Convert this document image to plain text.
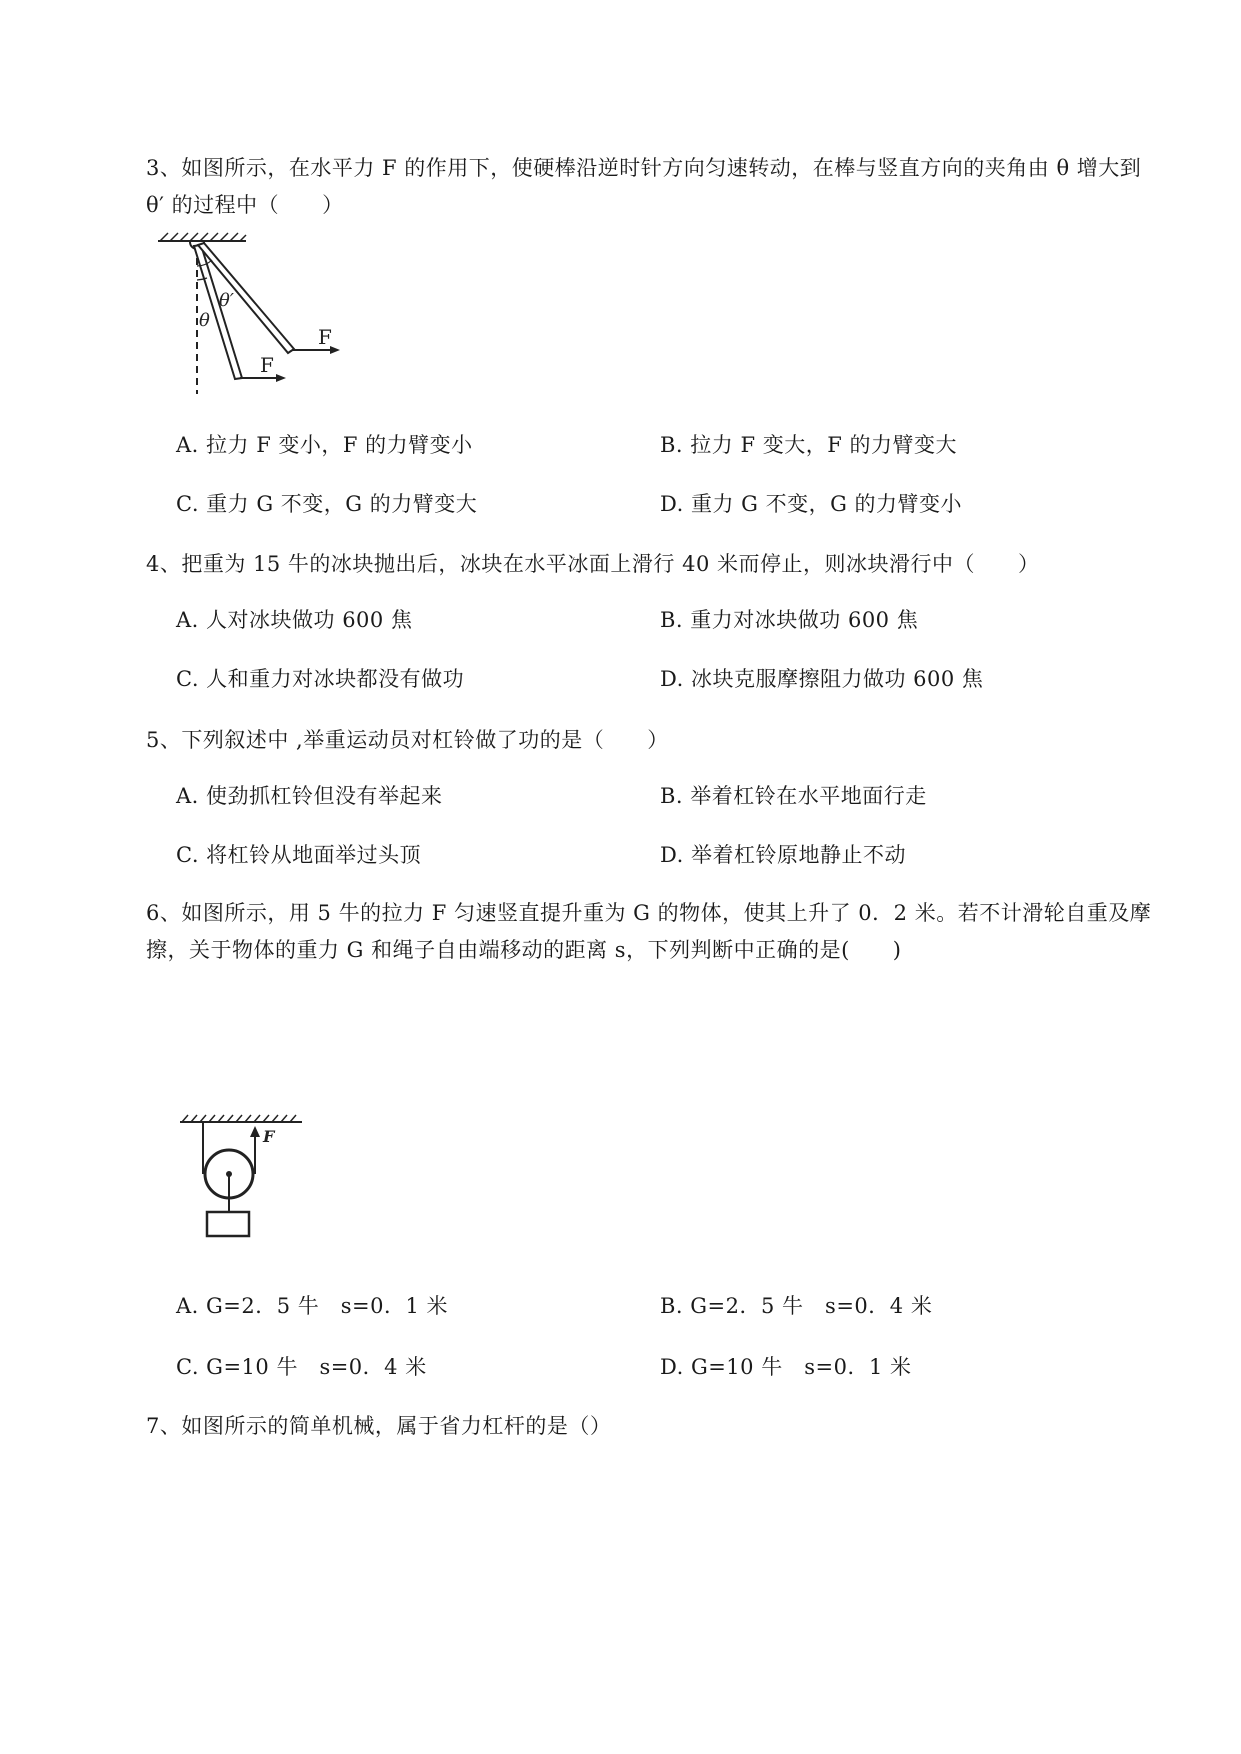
3、如图所示，在水平力 F 的作用下，使硬棒沿逆时针方向匀速转动，在棒与竖直方向的夹角由 θ 增大到 θ′ 的过程中（　　）
θ
θ′
F
F
A. 拉力 F 变小，F 的力臂变小	B. 拉力 F 变大，F 的力臂变大
C. 重力 G 不变，G 的力臂变大	D. 重力 G 不变，G 的力臂变小
4、把重为 15 牛的冰块抛出后，冰块在水平冰面上滑行 40 米而停止，则冰块滑行中（　　）
A. 人对冰块做功 600 焦	B. 重力对冰块做功 600 焦
C. 人和重力对冰块都没有做功	D. 冰块克服摩擦阻力做功 600 焦
5、下列叙述中 ,举重运动员对杠铃做了功的是（　　）
A. 使劲抓杠铃但没有举起来	B. 举着杠铃在水平地面行走
C. 将杠铃从地面举过头顶	D. 举着杠铃原地静止不动
6、如图所示，用 5 牛的拉力 F 匀速竖直提升重为 G 的物体，使其上升了 0．2 米。若不计滑轮自重及摩擦，关于物体的重力 G 和绳子自由端移动的距离 s，下列判断中正确的是(　　)
F
A. G=2．5 牛　s=0．1 米	B. G=2．5 牛　s=0．4 米
C. G=10 牛　s=0．4 米	D. G=10 牛　s=0．1 米
7、如图所示的简单机械，属于省力杠杆的是（）
